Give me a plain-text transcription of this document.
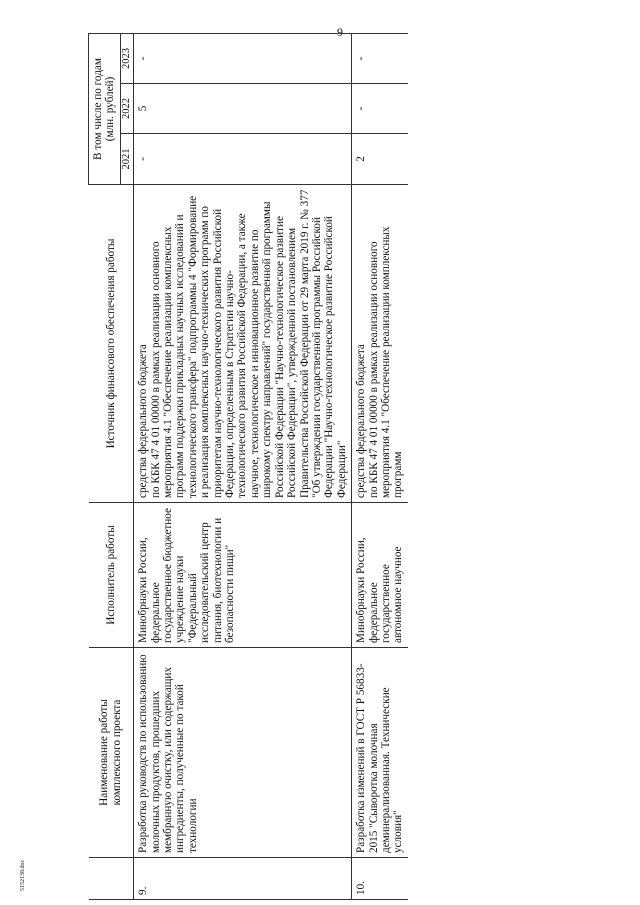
9
	Наименование работы
комплексного проекта	Исполнитель работы	Источник финансового обеспечения работы	В том числе по годам
(млн. рублей)		
				2021	2022	2023
9.	Разработка руководств по использованию молочных продуктов, прошедших мембранную очистку, или содержащих ингредиенты, полученные по такой технологии	Минобрнауки России, федеральное государственное бюджетное учреждение науки "Федеральный исследовательский центр питания, биотехнологии и безопасности пищи"	средства федерального бюджета
по КБК 47 4 01 00000 в рамках реализации основного мероприятия 4.1 "Обеспечение реализации комплексных программ поддержки прикладных научных исследований и технологического трансфера" подпрограммы 4 "Формирование и реализация комплексных научно-технических программ по приоритетам научно-технологического развития Российской Федерации, определенным в Стратегии научно-технологического развития Российской Федерации, а также научное, технологическое и инновационное развитие по широкому спектру направлений" государственной программы Российской Федерации "Научно-технологическое развитие Российской Федерации", утвержденной постановлением Правительства Российской Федерации от 29 марта 2019 г. № 377 "Об утверждении государственной программы Российской Федерации "Научно-технологическое развитие Российской Федерации"	-	5	-
10.	Разработка изменений в ГОСТ Р 56833-2015 "Сыворотка молочная деминерализованная. Технические условия"	Минобрнауки России, федеральное государственное автономное научное	средства федерального бюджета
по КБК 47 4 01 00000 в рамках реализации основного мероприятия 4.1 "Обеспечение реализации комплексных программ	2	-	-
5152138.doc
